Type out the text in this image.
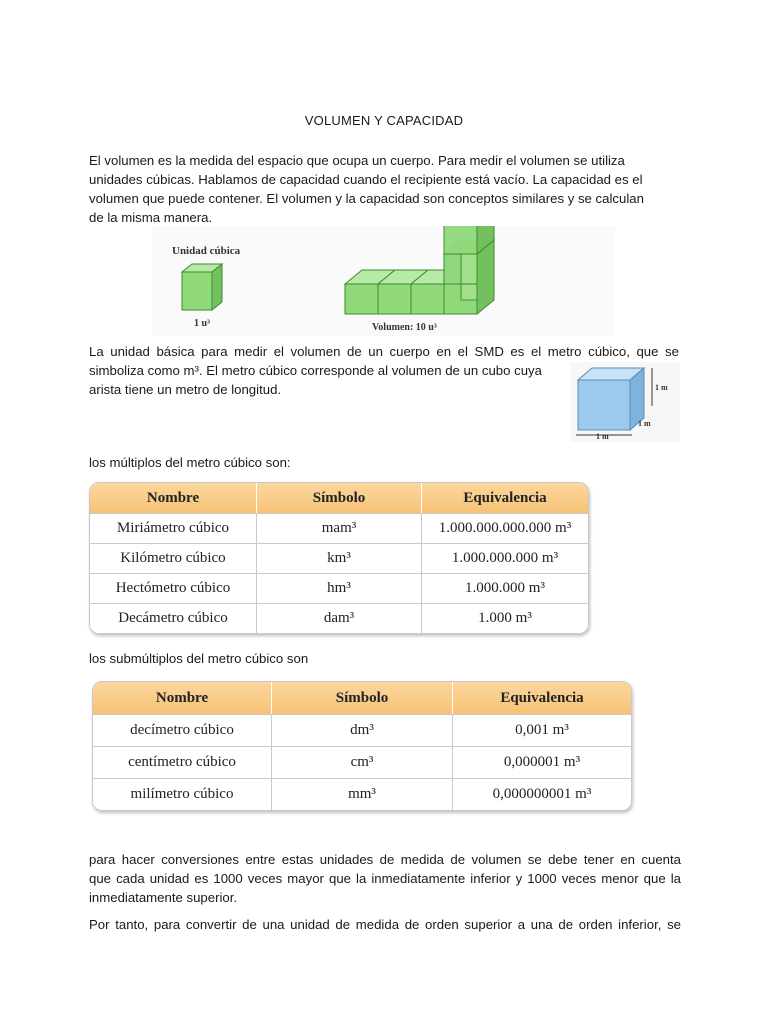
VOLUMEN Y CAPACIDAD
El volumen es la medida del espacio que ocupa un cuerpo. Para medir el volumen se utiliza
unidades cúbicas. Hablamos de capacidad cuando el recipiente está vacío. La capacidad es el
volumen que puede contener. El volumen y la capacidad son conceptos similares y se calculan
de la misma manera.
Unidad cúbica
1 u³	Volumen: 10 u³
La unidad básica para medir el volumen de un cuerpo en el SMD es el metro cúbico, que se
simboliza como m³. El metro cúbico corresponde al volumen de un cubo cuya
arista tiene un metro de longitud.	1 m
1 m
1 m
los múltiplos del metro cúbico son:
Nombre	Símbolo	Equivalencia
Miriámetro cúbico	mam³	1.000.000.000.000 m³
Kilómetro cúbico	km³	1.000.000.000 m³
Hectómetro cúbico	hm³	1.000.000 m³
Decámetro cúbico	dam³	1.000 m³
los submúltiplos del metro cúbico son
Nombre	Símbolo	Equivalencia
decímetro cúbico	dm³	0,001 m³
centímetro cúbico	cm³	0,000001 m³
milímetro cúbico	mm³	0,000000001 m³
para hacer conversiones entre estas unidades de medida de volumen se debe tener en cuenta
que cada unidad es 1000 veces mayor que la inmediatamente inferior y 1000 veces menor que la
inmediatamente superior.
Por tanto, para convertir de una unidad de medida de orden superior a una de orden inferior, se
